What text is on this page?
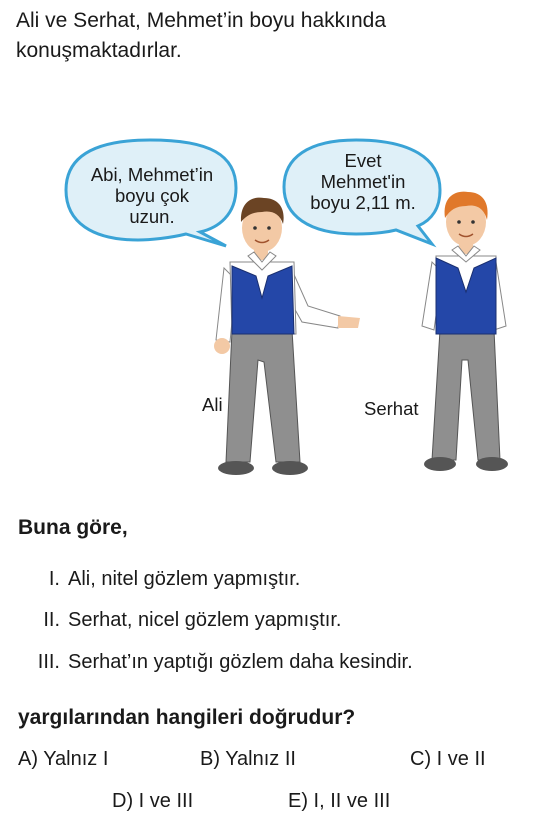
Ali ve Serhat, Mehmet’in boyu hakkında konuşmaktadırlar.
Abi, Mehmet’in
boyu çok
uzun.
Evet
Mehmet'in
boyu 2,11 m.
Ali	Serhat
Buna göre,
I. Ali, nitel gözlem yapmıştır.
II. Serhat, nicel gözlem yapmıştır.
III. Serhat’ın yaptığı gözlem daha kesindir.
yargılarından hangileri doğrudur?
A) Yalnız I	B) Yalnız II	C) I ve II
D) I ve III	E) I, II ve III
